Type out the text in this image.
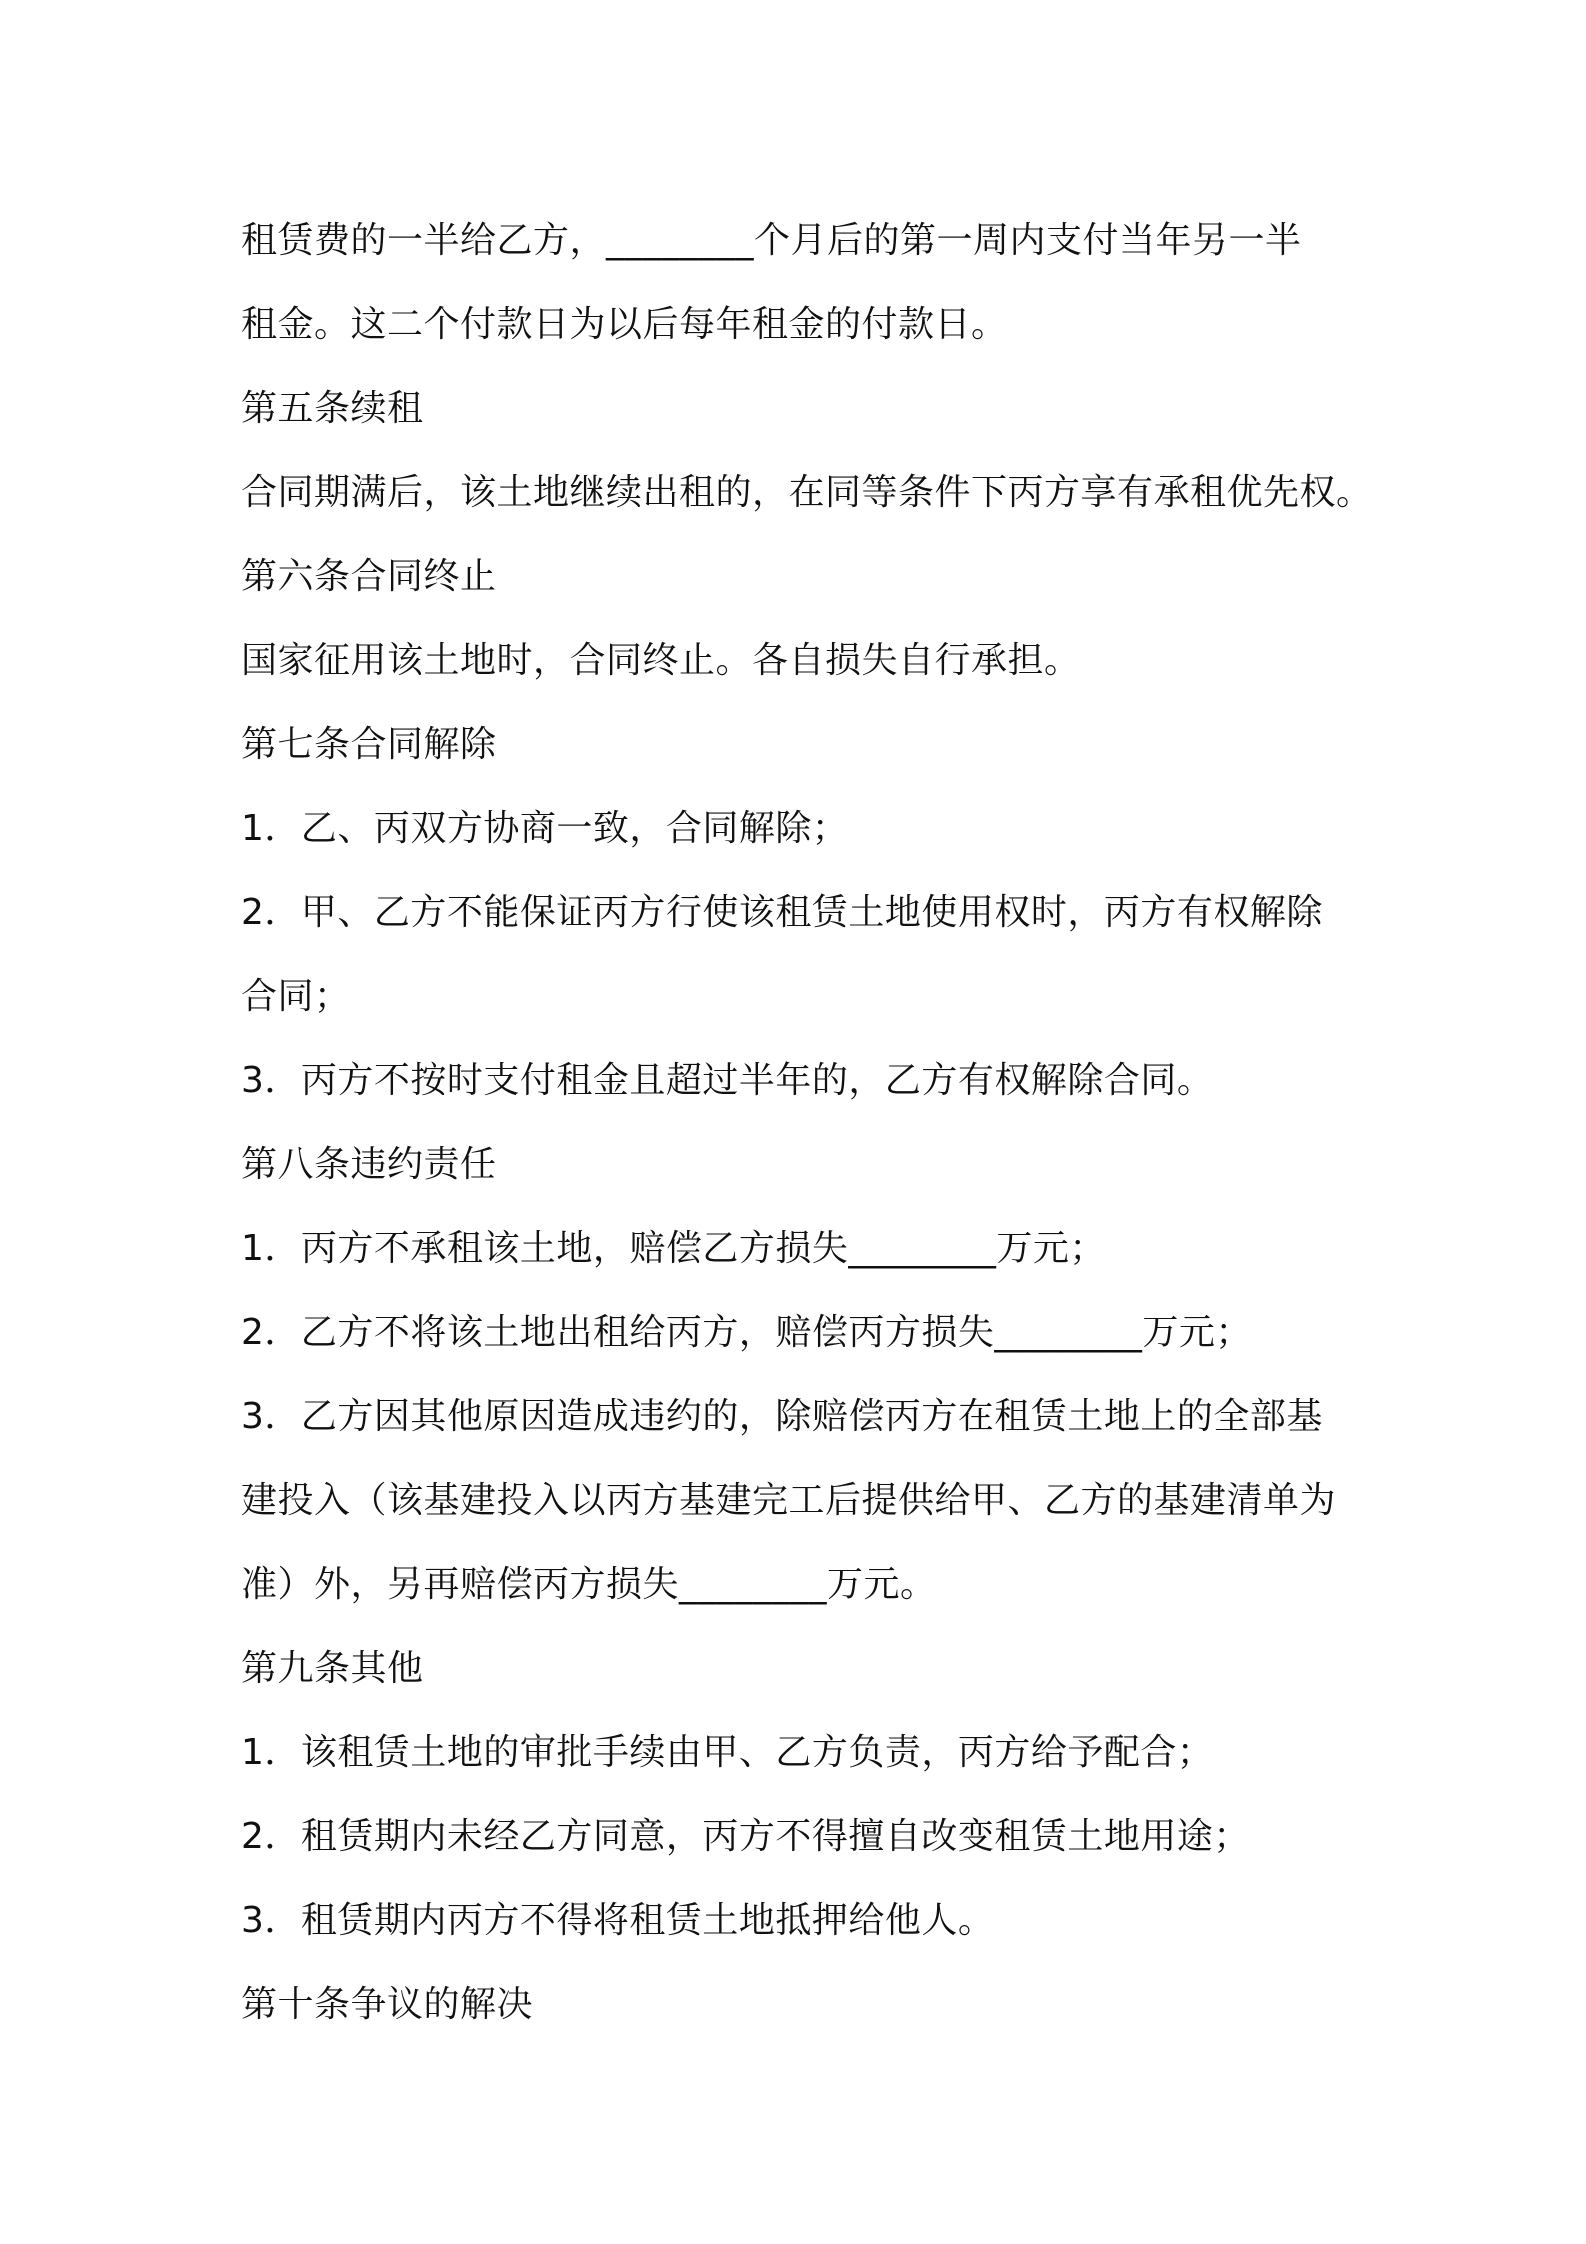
租赁费的一半给乙方，________个月后的第一周内支付当年另一半

租金。这二个付款日为以后每年租金的付款日。

第五条续租

合同期满后，该土地继续出租的，在同等条件下丙方享有承租优先权。

第六条合同终止

国家征用该土地时，合同终止。各自损失自行承担。

第七条合同解除

1．乙、丙双方协商一致，合同解除；

2．甲、乙方不能保证丙方行使该租赁土地使用权时，丙方有权解除

合同；

3．丙方不按时支付租金且超过半年的，乙方有权解除合同。

第八条违约责任

1．丙方不承租该土地，赔偿乙方损失________万元；

2．乙方不将该土地出租给丙方，赔偿丙方损失________万元；

3．乙方因其他原因造成违约的，除赔偿丙方在租赁土地上的全部基

建投入（该基建投入以丙方基建完工后提供给甲、乙方的基建清单为

准）外，另再赔偿丙方损失________万元。

第九条其他

1．该租赁土地的审批手续由甲、乙方负责，丙方给予配合；

2．租赁期内未经乙方同意，丙方不得擅自改变租赁土地用途；

3．租赁期内丙方不得将租赁土地抵押给他人。

第十条争议的解决
